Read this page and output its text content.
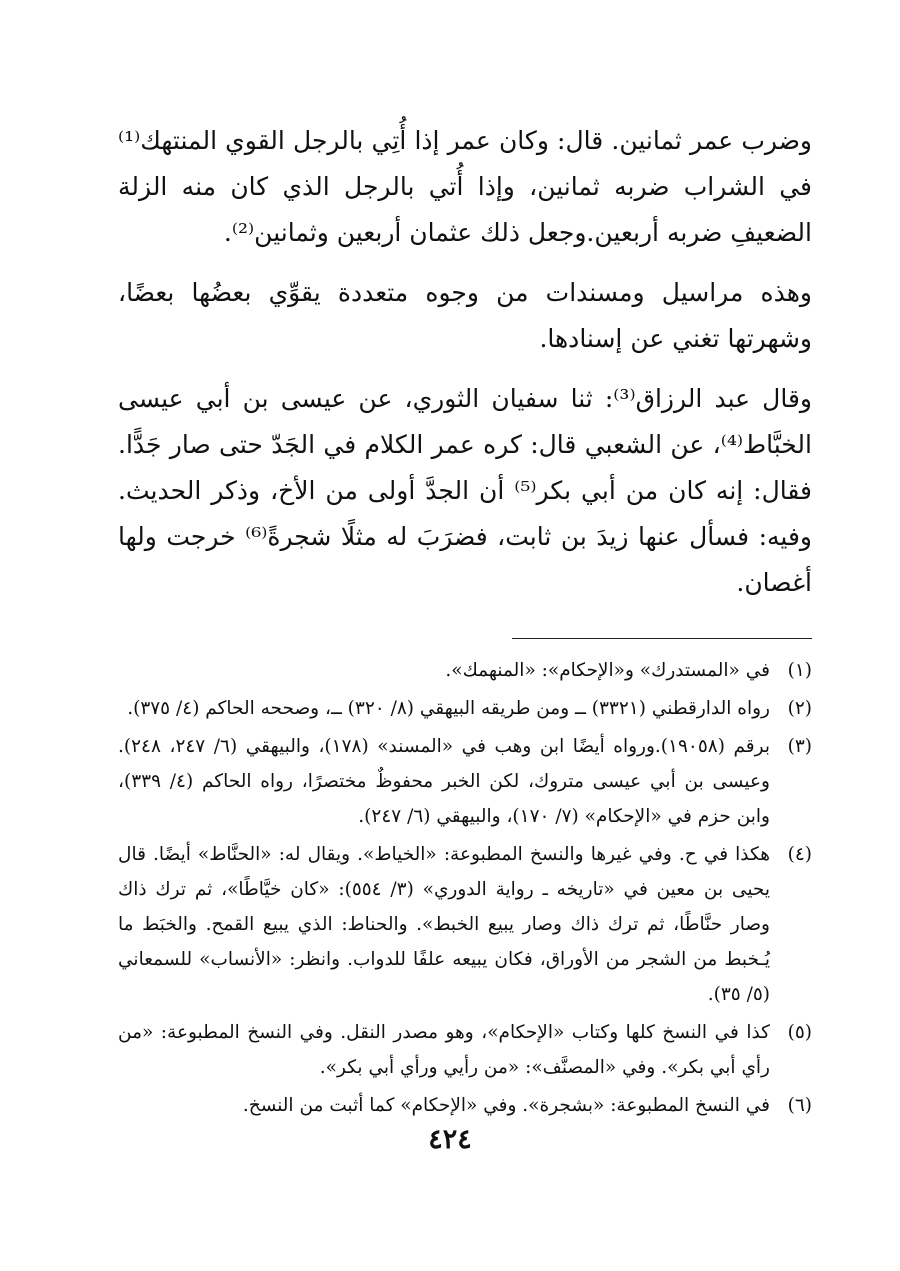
وضرب عمر ثمانين. قال: وكان عمر إذا أُتِي بالرجل القوي المنتهك⁽¹⁾ في الشراب ضربه ثمانين، وإذا أُتي بالرجل الذي كان منه الزلة الضعيفِ ضربه أربعين.وجعل ذلك عثمان أربعين وثمانين⁽²⁾.

وهذه مراسيل ومسندات من وجوه متعددة يقوِّي بعضُها بعضًا، وشهرتها تغني عن إسنادها.

وقال عبد الرزاق⁽³⁾: ثنا سفيان الثوري، عن عيسى بن أبي عيسى الخبَّاط⁽⁴⁾، عن الشعبي قال: كره عمر الكلام في الجَدّ حتى صار جَدًّا. فقال: إنه كان من أبي بكر⁽⁵⁾ أن الجدَّ أولى من الأخ، وذكر الحديث. وفيه: فسأل عنها زيدَ بن ثابت، فضرَبَ له مثلًا شجرةً⁽⁶⁾ خرجت ولها أغصان.

(١)
في «المستدرك» و«الإحكام»: «المنهمك».
(٢)
رواه الدارقطني (٣٣٢١) ــ ومن طريقه البيهقي (٨/ ٣٢٠) ــ، وصححه الحاكم (٤/ ٣٧٥).
(٣)
برقم (١٩٠٥٨).ورواه أيضًا ابن وهب في «المسند» (١٧٨)، والبيهقي (٦/ ٢٤٧، ٢٤٨). وعيسى بن أبي عيسى متروك، لكن الخبر محفوظٌ مختصرًا، رواه الحاكم (٤/ ٣٣٩)، وابن حزم في «الإحكام» (٧/ ١٧٠)، والبيهقي (٦/ ٢٤٧).
(٤)
هكذا في ح. وفي غيرها والنسخ المطبوعة: «الخياط». ويقال له: «الحنَّاط» أيضًا. قال يحيى بن معين في «تاريخه ـ رواية الدوري» (٣/ ٥٥٤): «كان خيَّاطًا»، ثم ترك ذاك وصار حنَّاطًا، ثم ترك ذاك وصار يبيع الخبط». والحناط: الذي يبيع القمح. والخبَط ما يُـخبط من الشجر من الأوراق، فكان يبيعه علفًا للدواب. وانظر: «الأنساب» للسمعاني (٥/ ٣٥).
(٥)
كذا في النسخ كلها وكتاب «الإحكام»، وهو مصدر النقل. وفي النسخ المطبوعة: «من رأي أبي بكر». وفي «المصنَّف»: «من رأيي ورأي أبي بكر».
(٦)
في النسخ المطبوعة: «بشجرة». وفي «الإحكام» كما أثبت من النسخ.
٤٢٤
